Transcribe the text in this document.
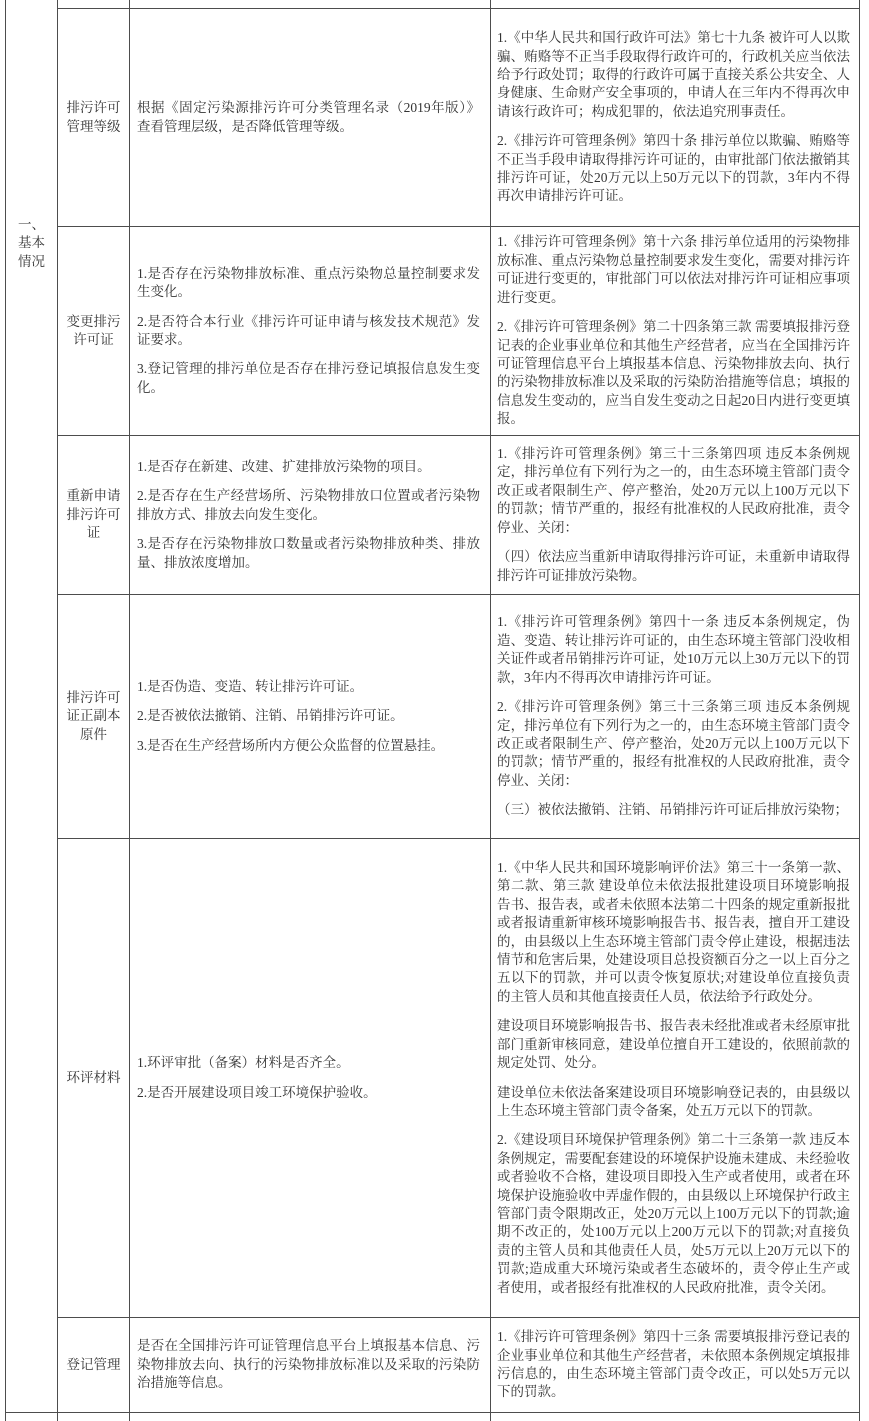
一、基本情况
排污许可管理等级

根据《固定污染源排污许可分类管理名录（2019年版）》查看管理层级，是否降低管理等级。

1.《中华人民共和国行政许可法》第七十九条 被许可人以欺骗、贿赂等不正当手段取得行政许可的，行政机关应当依法给予行政处罚；取得的行政许可属于直接关系公共安全、人身健康、生命财产安全事项的，申请人在三年内不得再次申请该行政许可；构成犯罪的，依法追究刑事责任。

2.《排污许可管理条例》第四十条 排污单位以欺骗、贿赂等不正当手段申请取得排污许可证的，由审批部门依法撤销其排污许可证，处20万元以上50万元以下的罚款，3年内不得再次申请排污许可证。

变更排污许可证

1.是否存在污染物排放标准、重点污染物总量控制要求发生变化。

2.是否符合本行业《排污许可证申请与核发技术规范》发证要求。

3.登记管理的排污单位是否存在排污登记填报信息发生变化。

1.《排污许可管理条例》第十六条 排污单位适用的污染物排放标准、重点污染物总量控制要求发生变化，需要对排污许可证进行变更的，审批部门可以依法对排污许可证相应事项进行变更。

2.《排污许可管理条例》第二十四条第三款 需要填报排污登记表的企业事业单位和其他生产经营者，应当在全国排污许可证管理信息平台上填报基本信息、污染物排放去向、执行的污染物排放标准以及采取的污染防治措施等信息；填报的信息发生变动的，应当自发生变动之日起20日内进行变更填报。

重新申请排污许可证

1.是否存在新建、改建、扩建排放污染物的项目。

2.是否存在生产经营场所、污染物排放口位置或者污染物排放方式、排放去向发生变化。

3.是否存在污染物排放口数量或者污染物排放种类、排放量、排放浓度增加。

1.《排污许可管理条例》第三十三条第四项 违反本条例规定，排污单位有下列行为之一的，由生态环境主管部门责令改正或者限制生产、停产整治，处20万元以上100万元以下的罚款；情节严重的，报经有批准权的人民政府批准，责令停业、关闭：

（四）依法应当重新申请取得排污许可证，未重新申请取得排污许可证排放污染物。

排污许可证正副本原件

1.是否伪造、变造、转让排污许可证。

2.是否被依法撤销、注销、吊销排污许可证。

3.是否在生产经营场所内方便公众监督的位置悬挂。

1.《排污许可管理条例》第四十一条 违反本条例规定，伪造、变造、转让排污许可证的，由生态环境主管部门没收相关证件或者吊销排污许可证，处10万元以上30万元以下的罚款，3年内不得再次申请排污许可证。

2.《排污许可管理条例》第三十三条第三项 违反本条例规定，排污单位有下列行为之一的，由生态环境主管部门责令改正或者限制生产、停产整治，处20万元以上100万元以下的罚款；情节严重的，报经有批准权的人民政府批准，责令停业、关闭：

（三）被依法撤销、注销、吊销排污许可证后排放污染物；

环评材料

1.环评审批（备案）材料是否齐全。

2.是否开展建设项目竣工环境保护验收。

1.《中华人民共和国环境影响评价法》第三十一条第一款、第二款、第三款 建设单位未依法报批建设项目环境影响报告书、报告表，或者未依照本法第二十四条的规定重新报批或者报请重新审核环境影响报告书、报告表，擅自开工建设的，由县级以上生态环境主管部门责令停止建设，根据违法情节和危害后果，处建设项目总投资额百分之一以上百分之五以下的罚款，并可以责令恢复原状;对建设单位直接负责的主管人员和其他直接责任人员，依法给予行政处分。

建设项目环境影响报告书、报告表未经批准或者未经原审批部门重新审核同意，建设单位擅自开工建设的，依照前款的规定处罚、处分。

建设单位未依法备案建设项目环境影响登记表的，由县级以上生态环境主管部门责令备案，处五万元以下的罚款。

2.《建设项目环境保护管理条例》第二十三条第一款 违反本条例规定，需要配套建设的环境保护设施未建成、未经验收或者验收不合格，建设项目即投入生产或者使用，或者在环境保护设施验收中弄虚作假的，由县级以上环境保护行政主管部门责令限期改正，处20万元以上100万元以下的罚款;逾期不改正的，处100万元以上200万元以下的罚款;对直接负责的主管人员和其他责任人员，处5万元以上20万元以下的罚款;造成重大环境污染或者生态破坏的，责令停止生产或者使用，或者报经有批准权的人民政府批准，责令关闭。

登记管理

是否在全国排污许可证管理信息平台上填报基本信息、污染物排放去向、执行的污染物排放标准以及采取的污染防治措施等信息。

1.《排污许可管理条例》第四十三条 需要填报排污登记表的企业事业单位和其他生产经营者，未依照本条例规定填报排污信息的，由生态环境主管部门责令改正，可以处5万元以下的罚款。
